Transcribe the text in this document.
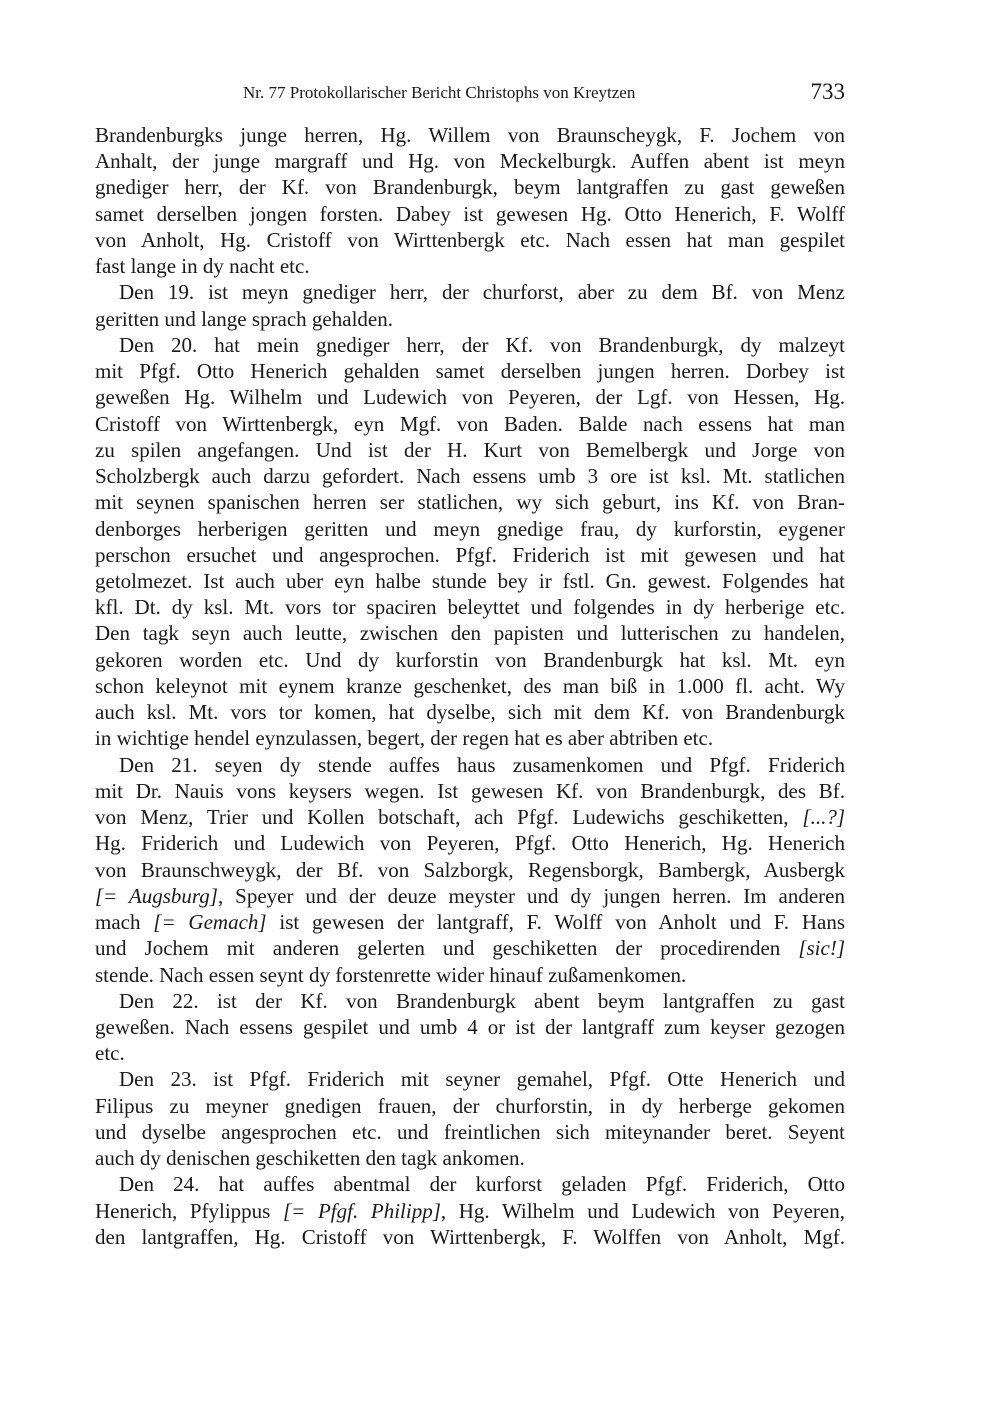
Nr. 77 Protokollarischer Bericht Christophs von Kreytzen	733
Brandenburgks junge herren, Hg. Willem von Braunscheygk, F. Jochem von
Anhalt, der junge margraff und Hg. von Meckelburgk. Auffen abent ist meyn
gnediger herr, der Kf. von Brandenburgk, beym lantgraffen zu gast geweßen
samet derselben jongen forsten. Dabey ist gewesen Hg. Otto Henerich, F. Wolff
von Anholt, Hg. Cristoff von Wirttenbergk etc. Nach essen hat man gespilet
fast lange in dy nacht etc.
Den 19. ist meyn gnediger herr, der churforst, aber zu dem Bf. von Menz
geritten und lange sprach gehalden.
Den 20. hat mein gnediger herr, der Kf. von Brandenburgk, dy malzeyt
mit Pfgf. Otto Henerich gehalden samet derselben jungen herren. Dorbey ist
geweßen Hg. Wilhelm und Ludewich von Peyeren, der Lgf. von Hessen, Hg.
Cristoff von Wirttenbergk, eyn Mgf. von Baden. Balde nach essens hat man
zu spilen angefangen. Und ist der H. Kurt von Bemelbergk und Jorge von
Scholzbergk auch darzu gefordert. Nach essens umb 3 ore ist ksl. Mt. statlichen
mit seynen spanischen herren ser statlichen, wy sich geburt, ins Kf. von Bran-
denborges herberigen geritten und meyn gnedige frau, dy kurforstin, eygener
perschon ersuchet und angesprochen. Pfgf. Friderich ist mit gewesen und hat
getolmezet. Ist auch uber eyn halbe stunde bey ir fstl. Gn. gewest. Folgendes hat
kfl. Dt. dy ksl. Mt. vors tor spaciren beleyttet und folgendes in dy herberige etc.
Den tagk seyn auch leutte, zwischen den papisten und lutterischen zu handelen,
gekoren worden etc. Und dy kurforstin von Brandenburgk hat ksl. Mt. eyn
schon keleynot mit eynem kranze geschenket, des man biß in 1.000 fl. acht. Wy
auch ksl. Mt. vors tor komen, hat dyselbe, sich mit dem Kf. von Brandenburgk
in wichtige hendel eynzulassen, begert, der regen hat es aber abtriben etc.
Den 21. seyen dy stende auffes haus zusamenkomen und Pfgf. Friderich
mit Dr. Nauis vons keysers wegen. Ist gewesen Kf. von Brandenburgk, des Bf.
von Menz, Trier und Kollen botschaft, ach Pfgf. Ludewichs geschiketten, [...?]
Hg. Friderich und Ludewich von Peyeren, Pfgf. Otto Henerich, Hg. Henerich
von Braunschweygk, der Bf. von Salzborgk, Regensborgk, Bambergk, Ausbergk
[= Augsburg], Speyer und der deuze meyster und dy jungen herren. Im anderen
mach [= Gemach] ist gewesen der lantgraff, F. Wolff von Anholt und F. Hans
und Jochem mit anderen gelerten und geschiketten der procedirenden [sic!]
stende. Nach essen seynt dy forstenrette wider hinauf zußamenkomen.
Den 22. ist der Kf. von Brandenburgk abent beym lantgraffen zu gast
geweßen. Nach essens gespilet und umb 4 or ist der lantgraff zum keyser gezogen
etc.
Den 23. ist Pfgf. Friderich mit seyner gemahel, Pfgf. Otte Henerich und
Filipus zu meyner gnedigen frauen, der churforstin, in dy herberge gekomen
und dyselbe angesprochen etc. und freintlichen sich miteynander beret. Seyent
auch dy denischen geschiketten den tagk ankomen.
Den 24. hat auffes abentmal der kurforst geladen Pfgf. Friderich, Otto
Henerich, Pfylippus [= Pfgf. Philipp], Hg. Wilhelm und Ludewich von Peyeren,
den lantgraffen, Hg. Cristoff von Wirttenbergk, F. Wolffen von Anholt, Mgf.
